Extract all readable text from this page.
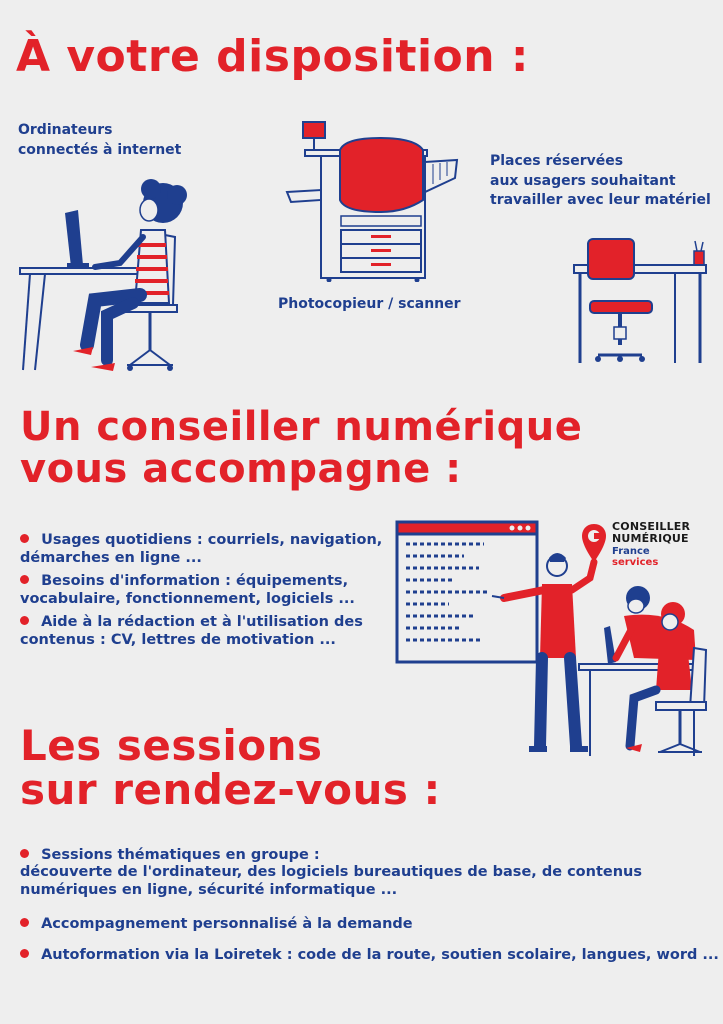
À votre disposition :
Ordinateurs
connectés à internet
Photocopieur / scanner
Places réservées
aux usagers souhaitant
travailler avec leur matériel
Un conseiller numérique
vous accompagne :
Usages quotidiens : courriels, navigation,
démarches en ligne ...
Besoins d'information : équipements,
vocabulaire, fonctionnement, logiciels ...
Aide à la rédaction et à l'utilisation des
contenus : CV, lettres de motivation ...
CONSEILLER
NUMÉRIQUE
France
services
Les sessions
sur rendez-vous :
Sessions thématiques en groupe :
découverte de l'ordinateur, des logiciels bureautiques de base, de contenus
numériques en ligne, sécurité informatique ...
Accompagnement personnalisé à la demande
Autoformation via la Loiretek : code de la route, soutien scolaire, langues, word ...
